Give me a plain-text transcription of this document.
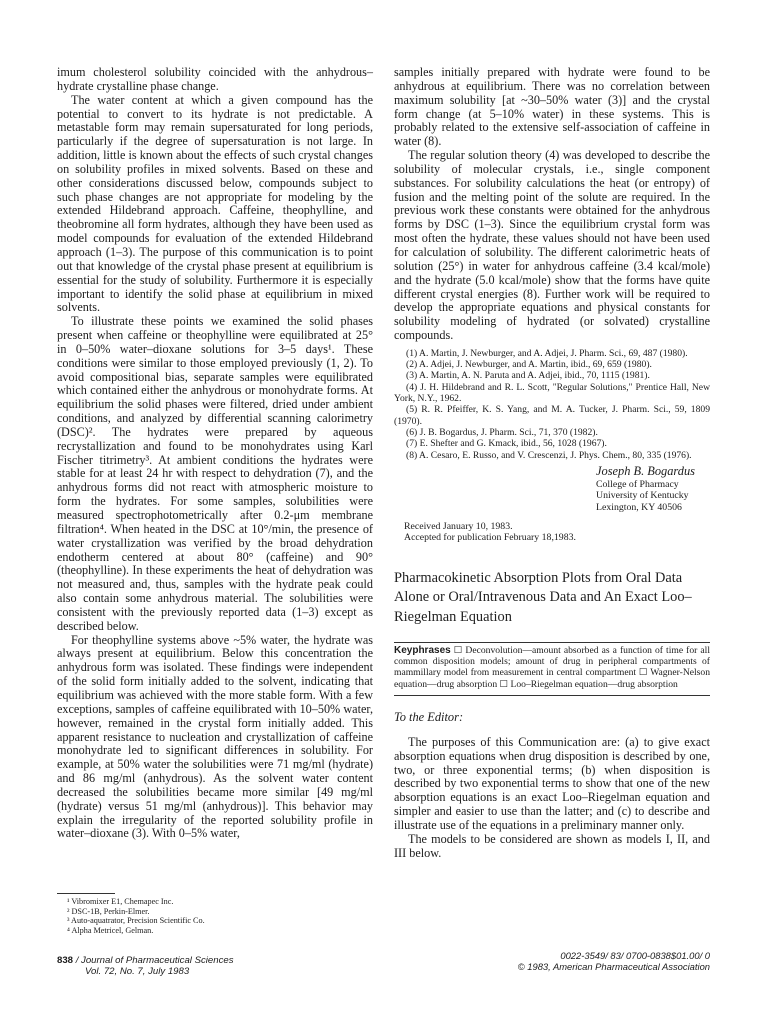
imum cholesterol solubility coincided with the anhydrous–hydrate crystalline phase change.

The water content at which a given compound has the potential to convert to its hydrate is not predictable. A metastable form may remain supersaturated for long periods, particularly if the degree of supersaturation is not large. In addition, little is known about the effects of such crystal changes on solubility profiles in mixed solvents. Based on these and other considerations discussed below, compounds subject to such phase changes are not appropriate for modeling by the extended Hildebrand approach. Caffeine, theophylline, and theobromine all form hydrates, although they have been used as model compounds for evaluation of the extended Hildebrand approach (1–3). The purpose of this communication is to point out that knowledge of the crystal phase present at equilibrium is essential for the study of solubility. Furthermore it is especially important to identify the solid phase at equilibrium in mixed solvents.

To illustrate these points we examined the solid phases present when caffeine or theophylline were equilibrated at 25° in 0–50% water–dioxane solutions for 3–5 days¹. These conditions were similar to those employed previously (1, 2). To avoid compositional bias, separate samples were equilibrated which contained either the anhydrous or monohydrate forms. At equilibrium the solid phases were filtered, dried under ambient conditions, and analyzed by differential scanning calorimetry (DSC)². The hydrates were prepared by aqueous recrystallization and found to be monohydrates using Karl Fischer titrimetry³. At ambient conditions the hydrates were stable for at least 24 hr with respect to dehydration (7), and the anhydrous forms did not react with atmospheric moisture to form the hydrates. For some samples, solubilities were measured spectrophotometrically after 0.2-μm membrane filtration⁴. When heated in the DSC at 10°/min, the presence of water crystallization was verified by the broad dehydration endotherm centered at about 80° (caffeine) and 90° (theophylline). In these experiments the heat of dehydration was not measured and, thus, samples with the hydrate peak could also contain some anhydrous material. The solubilities were consistent with the previously reported data (1–3) except as described below.

For theophylline systems above ~5% water, the hydrate was always present at equilibrium. Below this concentration the anhydrous form was isolated. These findings were independent of the solid form initially added to the solvent, indicating that equilibrium was achieved with the more stable form. With a few exceptions, samples of caffeine equilibrated with 10–50% water, however, remained in the crystal form initially added. This apparent resistance to nucleation and crystallization of caffeine monohydrate led to significant differences in solubility. For example, at 50% water the solubilities were 71 mg/ml (hydrate) and 86 mg/ml (anhydrous). As the solvent water content decreased the solubilities became more similar [49 mg/ml (hydrate) versus 51 mg/ml (anhydrous)]. This behavior may explain the irregularity of the reported solubility profile in water–dioxane (3). With 0–5% water,

¹ Vibromixer E1, Chemapec Inc.
² DSC-1B, Perkin-Elmer.
³ Auto-aquatrator, Precision Scientific Co.
⁴ Alpha Metricel, Gelman.

samples initially prepared with hydrate were found to be anhydrous at equilibrium. There was no correlation between maximum solubility [at ~30–50% water (3)] and the crystal form change (at 5–10% water) in these systems. This is probably related to the extensive self-association of caffeine in water (8).

The regular solution theory (4) was developed to describe the solubility of molecular crystals, i.e., single component substances. For solubility calculations the heat (or entropy) of fusion and the melting point of the solute are required. In the previous work these constants were obtained for the anhydrous forms by DSC (1–3). Since the equilibrium crystal form was most often the hydrate, these values should not have been used for calculation of solubility. The different calorimetric heats of solution (25°) in water for anhydrous caffeine (3.4 kcal/mole) and the hydrate (5.0 kcal/mole) show that the forms have quite different crystal energies (8). Further work will be required to develop the appropriate equations and physical constants for solubility modeling of hydrated (or solvated) crystalline compounds.

(1) A. Martin, J. Newburger, and A. Adjei, J. Pharm. Sci., 69, 487 (1980).
(2) A. Adjei, J. Newburger, and A. Martin, ibid., 69, 659 (1980).
(3) A. Martin, A. N. Paruta and A. Adjei, ibid., 70, 1115 (1981).
(4) J. H. Hildebrand and R. L. Scott, "Regular Solutions," Prentice Hall, New York, N.Y., 1962.
(5) R. R. Pfeiffer, K. S. Yang, and M. A. Tucker, J. Pharm. Sci., 59, 1809 (1970).
(6) J. B. Bogardus, J. Pharm. Sci., 71, 370 (1982).
(7) E. Shefter and G. Kmack, ibid., 56, 1028 (1967).
(8) A. Cesaro, E. Russo, and V. Crescenzi, J. Phys. Chem., 80, 335 (1976).
Joseph B. Bogardus
College of Pharmacy
University of Kentucky
Lexington, KY 40506
Received January 10, 1983.
Accepted for publication February 18,1983.
Pharmacokinetic Absorption Plots from Oral Data Alone or Oral/Intravenous Data and An Exact Loo–Riegelman Equation
Keyphrases ☐ Deconvolution—amount absorbed as a function of time for all common disposition models; amount of drug in peripheral compartments of mammillary model from measurement in central compartment ☐ Wagner-Nelson equation—drug absorption ☐ Loo–Riegelman equation—drug absorption
To the Editor:

The purposes of this Communication are: (a) to give exact absorption equations when drug disposition is described by one, two, or three exponential terms; (b) when disposition is described by two exponential terms to show that one of the new absorption equations is an exact Loo–Riegelman equation and simpler and easier to use than the latter; and (c) to describe and illustrate use of the equations in a preliminary manner only.

The models to be considered are shown as models I, II, and III below.

838 / Journal of Pharmaceutical Sciences
Vol. 72, No. 7, July 1983
0022-3549/ 83/ 0700-0838$01.00/ 0
© 1983, American Pharmaceutical Association
